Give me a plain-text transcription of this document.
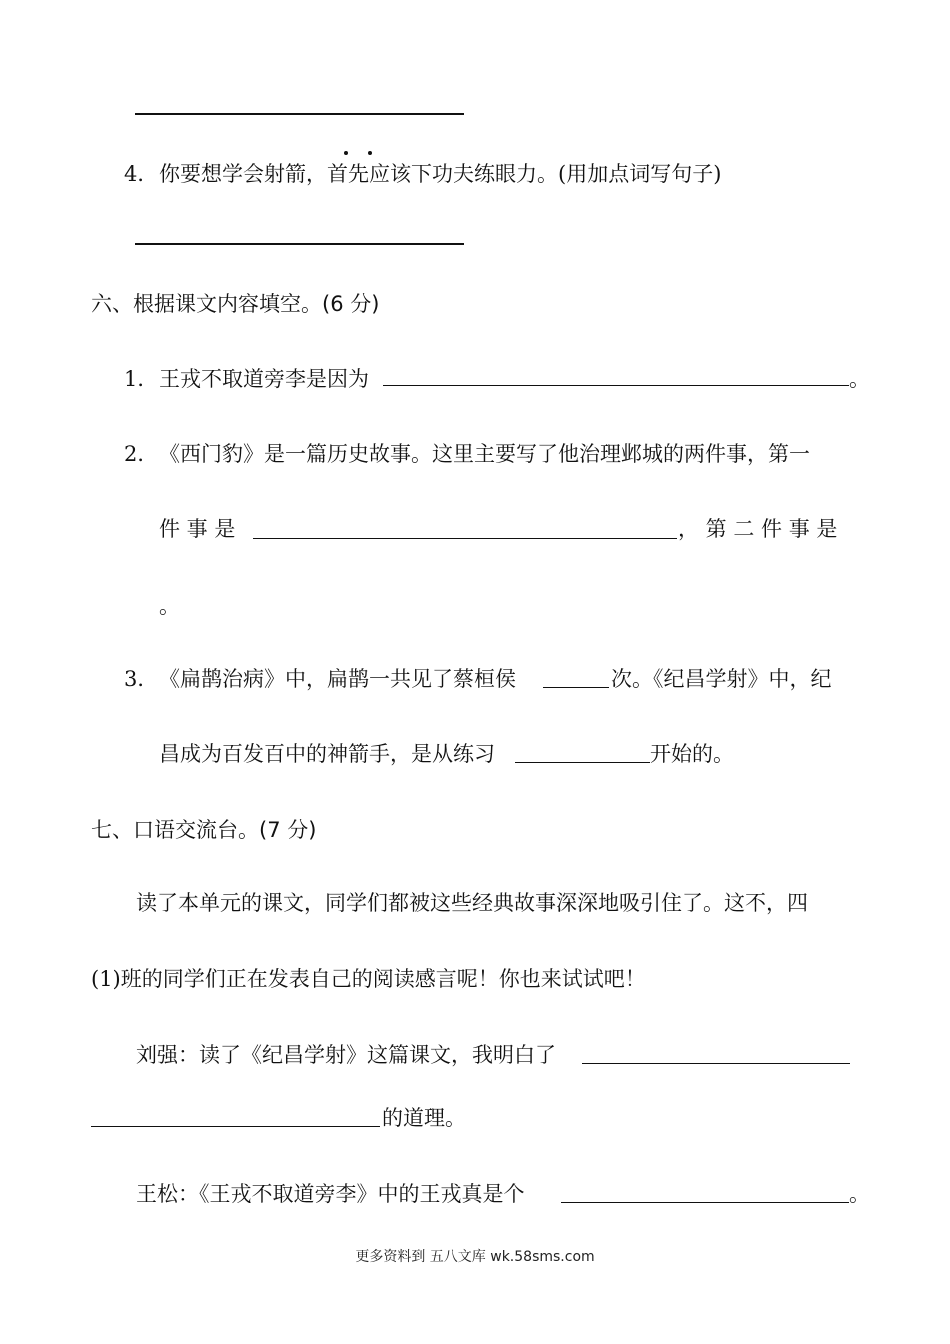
4． 你要想学会射箭，首先应该下功夫练眼力。(用加点词写句子)
六、根据课文内容填空。(6 分)
1． 王戎不取道旁李是因为	。
2． 《西门豹》是一篇历史故事。这里主要写了他治理邺城的两件事，第一
件 事 是	， 第 二 件 事 是
。
3． 《扁鹊治病》中，扁鹊一共见了蔡桓侯	次。《纪昌学射》中，纪
昌成为百发百中的神箭手，是从练习	开始的。
七、口语交流台。(7 分)
读了本单元的课文，同学们都被这些经典故事深深地吸引住了。这不，四
(1)班的同学们正在发表自己的阅读感言呢！你也来试试吧！
刘强：读了《纪昌学射》这篇课文，我明白了
的道理。
王松：《王戎不取道旁李》中的王戎真是个	。
更多资料到 五八文库 wk.58sms.com
